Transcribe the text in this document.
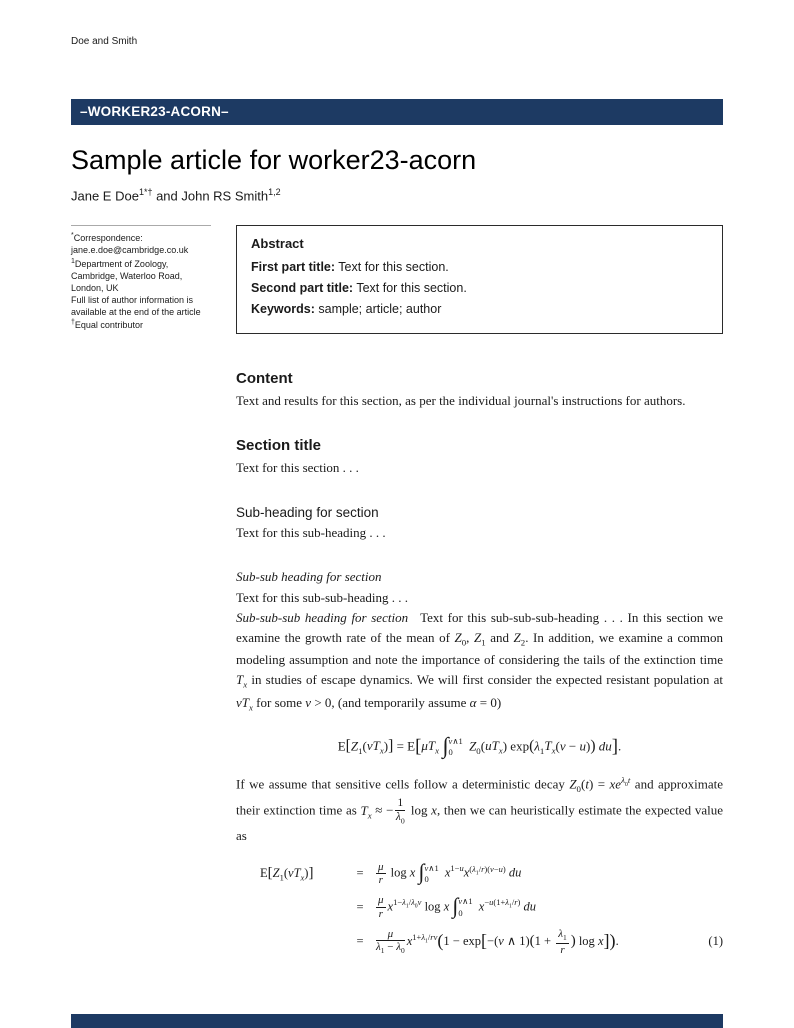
Doe and Smith
–WORKER23-ACORN–
Sample article for worker23-acorn
Jane E Doe$^{1*\dagger}$ and John RS Smith$^{1,2}$
*Correspondence:
jane.e.doe@cambridge.co.uk
$^1$Department of Zoology,
Cambridge, Waterloo Road,
London, UK
Full list of author information is
available at the end of the article
†Equal contributor
Abstract

First part title: Text for this section.

Second part title: Text for this section.

Keywords: sample; article; author

Content

Text and results for this section, as per the individual journal's instructions for authors.

Section title

Text for this section . . .

Sub-heading for section

Text for this sub-heading . . .

Sub-sub heading for section

Text for this sub-sub-heading . . .

Sub-sub-sub heading for section Text for this sub-sub-sub-heading . . . In this section we examine the growth rate of the mean of $Z_0$, $Z_1$ and $Z_2$. In addition, we examine a common modeling assumption and note the importance of considering the tails of the extinction time $T_x$ in studies of escape dynamics. We will first consider the expected resistant population at $vT_x$ for some v > 0, (and temporarily assume α = 0)

$E[Z_1(vT_x)] = E[\mu T_x$ ∫ v∧1
0	$Z_0(uT_x) \exp(\lambda_1T_x(v - u))$ du].

If we assume that sensitive cells follow a deterministic decay $Z_0(t) = xe^{\lambda_0t}$ and approximate their extinction time as $T_x$ ≈ − $\frac{1}{\lambda_0}$ log x, then we can heuristically estimate the expected value as

$E[Z_1(vT_x)]$	=	$\frac{\mu}{r}$ log x ∫ v∧1
0	$x^{1-u}x^{(\lambda_1/r)(v-u)}$ du
=	$\frac{\mu}{r} x^{1-\lambda_1/\lambda_0v}$ log x ∫ v∧1
0	$x^{-u(1+\lambda_1/r)}$ du
=	$\frac{\mu}{\lambda_1 - \lambda_0} x^{1+\lambda_1/rv}(1 - \exp[-(v$ ∧ $1)(1 + \frac{\lambda_1}{r}$ ) log x]).	(1)
